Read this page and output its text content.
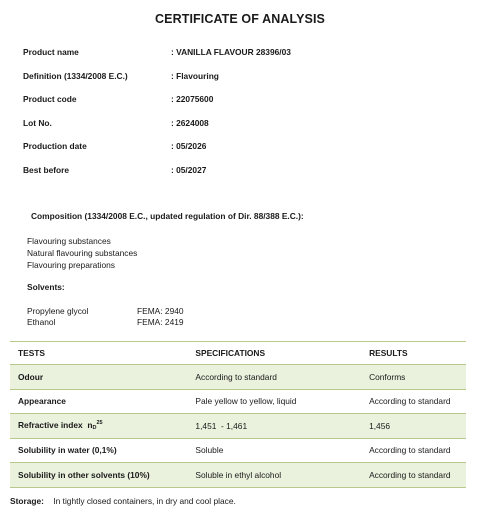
CERTIFICATE OF ANALYSIS
Product name	: VANILLA FLAVOUR 28396/03
Definition (1334/2008 E.C.)	: Flavouring
Product code	: 22075600
Lot No.	: 2624008
Production date	: 05/2026
Best before	: 05/2027
Composition (1334/2008 E.C., updated regulation of Dir. 88/388 E.C.):
Flavouring substances
Natural flavouring substances
Flavouring preparations
Solvents:
Propylene glycol	FEMA: 2940
Ethanol	FEMA: 2419
TESTS	SPECIFICATIONS	RESULTS
Odour	According to standard	Conforms
Appearance	Pale yellow to yellow, liquid	According to standard
Refractive index  $nD^{25}$	1,451  - 1,461	1,456
Solubility in water (0,1%)	Soluble	According to standard
Solubility in other solvents (10%)	Soluble in ethyl alcohol	According to standard
Storage: In tightly closed containers, in dry and cool place.
